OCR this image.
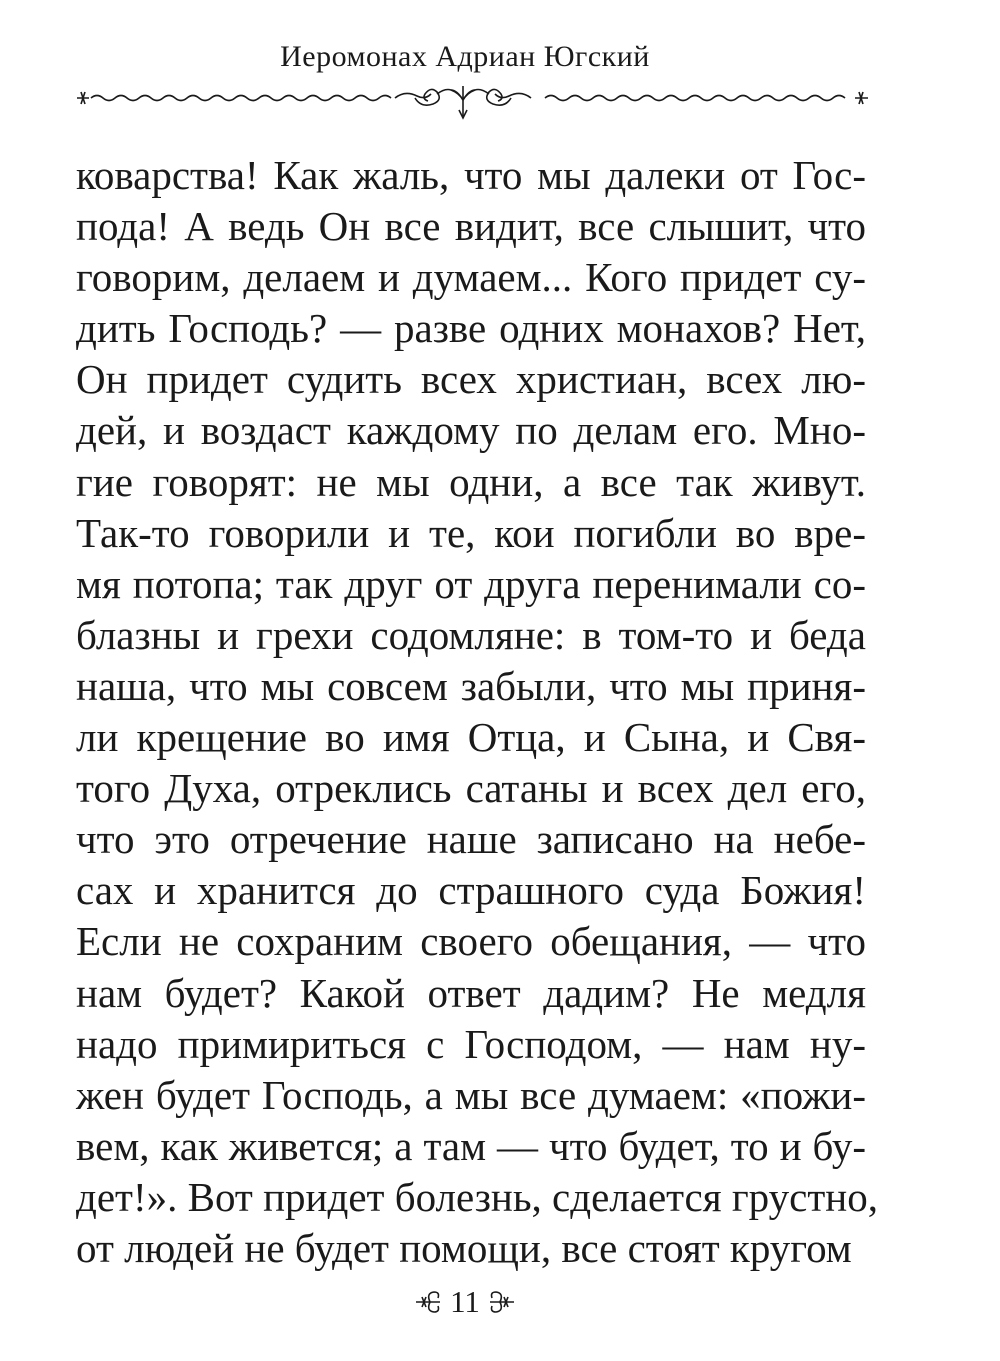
Иеромонах Адриан Югский
коварства! Как жаль, что мы далеки от Гос-
пода! А ведь Он все видит, все слышит, что
говорим, делаем и думаем... Кого придет су-
дить Господь? — разве одних монахов? Нет,
Он придет судить всех христиан, всех лю-
дей, и воздаст каждому по делам его. Мно-
гие говорят: не мы одни, а все так живут.
Так-то говорили и те, кои погибли во вре-
мя потопа; так друг от друга перенимали со-
блазны и грехи содомляне: в том-то и беда
наша, что мы совсем забыли, что мы приня-
ли крещение во имя Отца, и Сына, и Свя-
того Духа, отреклись сатаны и всех дел его,
что это отречение наше записано на небе-
сах и хранится до страшного суда Божия!
Если не сохраним своего обещания, — что
нам будет? Какой ответ дадим? Не медля
надо примириться с Господом, — нам ну-
жен будет Господь, а мы все думаем: «пожи-
вем, как живется; а там — что будет, то и бу-
дет!». Вот придет болезнь, сделается грустно,
от людей не будет помощи, все стоят кругом
11
